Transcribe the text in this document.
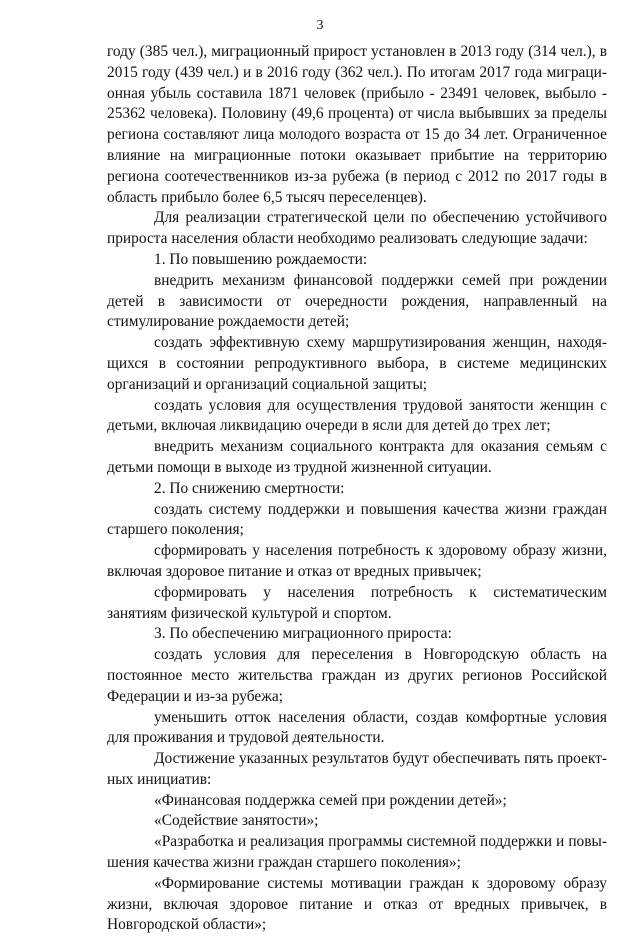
3

году (385 чел.), миграционный прирост установлен в 2013 году (314 чел.), в 2015 году (439 чел.) и в 2016 году (362 чел.). По итогам 2017 года миграционная убыль составила 1871 человек (прибыло - 23491 человек, выбыло - 25362 человека). Половину (49,6 процента) от числа выбывших за пределы региона составляют лица молодого возраста от 15 до 34 лет. Ограниченное влияние на миграционные потоки оказывает прибытие на территорию региона соотечественников из-за рубежа (в период с 2012 по 2017 годы в область прибыло более 6,5 тысяч переселенцев).

Для реализации стратегической цели по обеспечению устойчивого прироста населения области необходимо реализовать следующие задачи:

1. По повышению рождаемости:

внедрить механизм финансовой поддержки семей при рождении детей в зависимости от очередности рождения, направленный на стимулирование рождаемости детей;

создать эффективную схему маршрутизирования женщин, находящихся в состоянии репродуктивного выбора, в системе медицинских организаций и организаций социальной защиты;

создать условия для осуществления трудовой занятости женщин с детьми, включая ликвидацию очереди в ясли для детей до трех лет;

внедрить механизм социального контракта для оказания семьям с детьми помощи в выходе из трудной жизненной ситуации.

2. По снижению смертности:

создать систему поддержки и повышения качества жизни граждан старшего поколения;

сформировать у населения потребность к здоровому образу жизни, включая здоровое питание и отказ от вредных привычек;

сформировать у населения потребность к систематическим занятиям физической культурой и спортом.

3. По обеспечению миграционного прироста:

создать условия для переселения в Новгородскую область на постоянное место жительства граждан из других регионов Российской Федерации и из-за рубежа;

уменьшить отток населения области, создав комфортные условия для проживания и трудовой деятельности.

Достижение указанных результатов будут обеспечивать пять проектных инициатив:

«Финансовая поддержка семей при рождении детей»;

«Содействие занятости»;

«Разработка и реализация программы системной поддержки и повышения качества жизни граждан старшего поколения»;

«Формирование системы мотивации граждан к здоровому образу жизни, включая здоровое питание и отказ от вредных привычек, в Новгородской области»;
